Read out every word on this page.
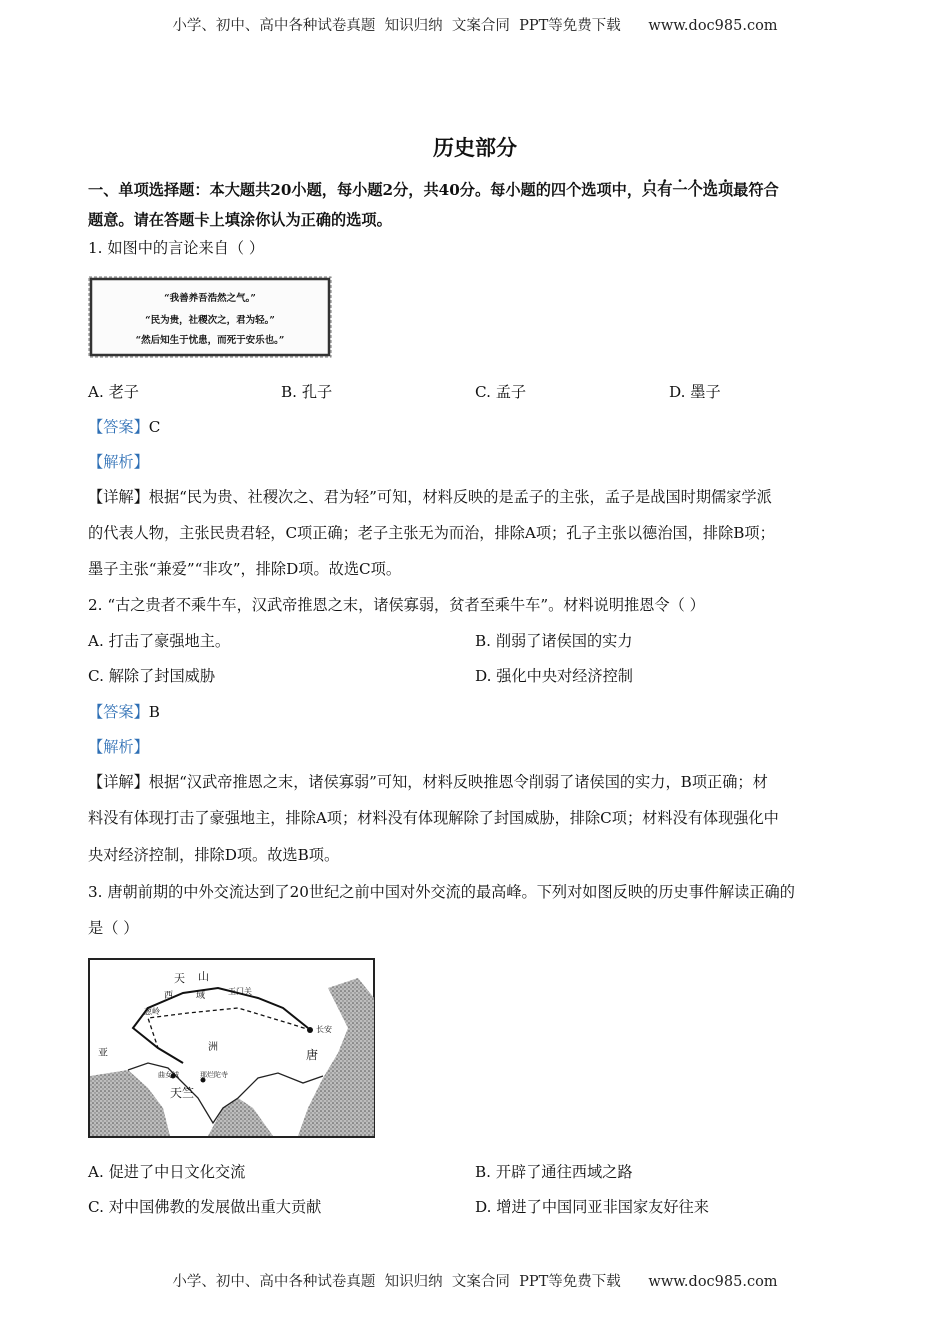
小学、初中、高中各种试卷真题  知识归纳  文案合同  PPT等免费下载      www.doc985.com
历史部分
一、单项选择题：本大题共20小题，每小题2分，共40分。每小题的四个选项中，只有一个选项最符合
题意。请在答题卡上填涂你认为正确的选项。
1. 如图中的言论来自（ ）
“我善养吾浩然之气。”
“民为贵，社稷次之，君为轻。”
“然后知生于忧患，而死于安乐也。”
A. 老子	B. 孔子	C. 孟子	D. 墨子
【答案】C
【解析】
【详解】根据“民为贵、社稷次之、君为轻”可知，材料反映的是孟子的主张，孟子是战国时期儒家学派
的代表人物，主张民贵君轻，C项正确；老子主张无为而治，排除A项；孔子主张以德治国，排除B项；
墨子主张“兼爱”“非攻”，排除D项。故选C项。
2. “古之贵者不乘牛车，汉武帝推恩之末，诸侯寡弱，贫者至乘牛车”。材料说明推恩令（ ）
A. 打击了豪强地主。	B. 削弱了诸侯国的实力
C. 解除了封国威胁	D. 强化中央对经济控制
【答案】B
【解析】
【详解】根据“汉武帝推恩之末，诸侯寡弱”可知，材料反映推恩令削弱了诸侯国的实力，B项正确；材
料没有体现打击了豪强地主，排除A项；材料没有体现解除了封国威胁，排除C项；材料没有体现强化中
央对经济控制，排除D项。故选B项。
3. 唐朝前期的中外交流达到了20世纪之前中国对外交流的最高峰。下列对如图反映的历史事件解读正确的
是（ ）
天 山
西	域	玉门关
长安
亚
洲
唐
曲女城	那烂陀寺
天竺
葱岭
A. 促进了中日文化交流	B. 开辟了通往西域之路
C. 对中国佛教的发展做出重大贡献	D. 增进了中国同亚非国家友好往来
小学、初中、高中各种试卷真题  知识归纳  文案合同  PPT等免费下载      www.doc985.com
